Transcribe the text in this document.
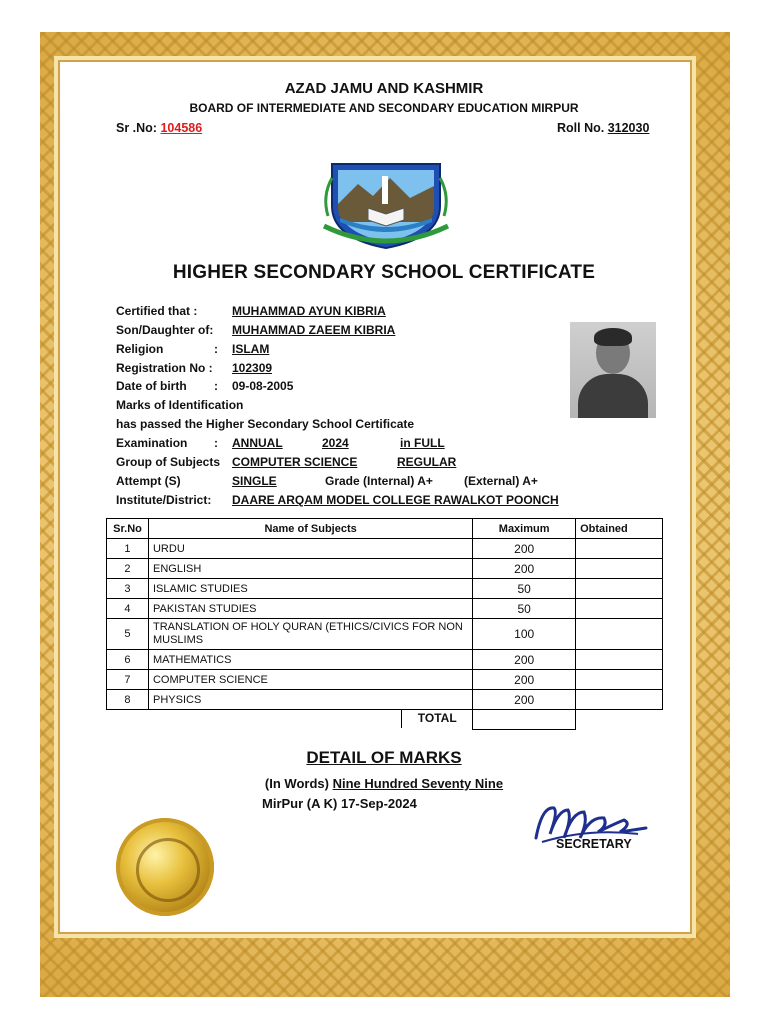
AZAD JAMU AND KASHMIR
BOARD OF INTERMEDIATE AND SECONDARY EDUCATION MIRPUR
Sr .No: 104586	Roll No. 312030
HIGHER SECONDARY SCHOOL CERTIFICATE
Certified that :	MUHAMMAD AYUN KIBRIA
Son/Daughter of: MUHAMMAD ZAEEM KIBRIA
Religion	: ISLAM
Registration No : 102309
Date of birth : 09-08-2005
Marks of Identification
has passed the Higher Secondary School Certificate
Examination : ANNUAL	2024	in FULL
Group of Subjects COMPUTER SCIENCE	REGULAR
Attempt (S)	SINGLE	Grade (Internal) A+	(External) A+
Institute/District: DAARE ARQAM MODEL COLLEGE RAWALKOT POONCH
Sr.No	Name of Subjects	Maximum	Obtained
1	URDU	200	
2	ENGLISH	200	
3	ISLAMIC STUDIES	50	
4	PAKISTAN STUDIES	50	
5	TRANSLATION OF HOLY QURAN (ETHICS/CIVICS FOR NON MUSLIMS	100	
6	MATHEMATICS	200	
7	COMPUTER SCIENCE	200	
8	PHYSICS	200	

	TOTAL		

DETAIL OF MARKS
(In Words) Nine Hundred Seventy Nine
MirPur (A K) 17-Sep-2024
SECRETARY
